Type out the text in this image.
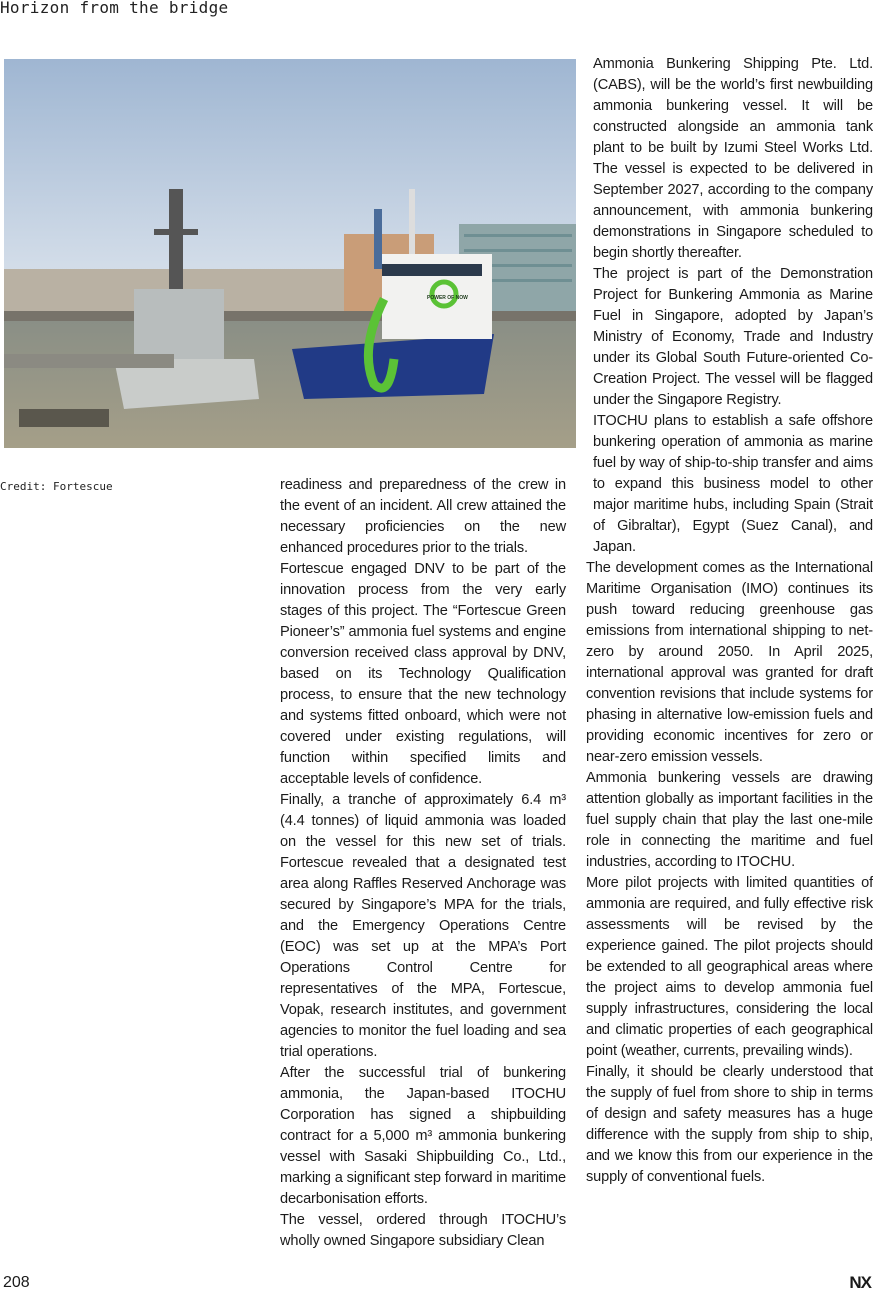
Horizon from the bridge
POWER OF NOW
Credit: Fortescue	readiness and preparedness of the crew in the event of an incident. All crew attained the necessary proficiencies on the new enhanced procedures prior to the trials.

Fortescue engaged DNV to be part of the innovation process from the very early stages of this project. The “Fortescue Green Pioneer’s” ammonia fuel systems and engine conversion received class approval by DNV, based on its Technology Qualification process, to ensure that the new technology and systems fitted onboard, which were not covered under existing regulations, will function within specified limits and acceptable levels of confidence.

Finally, a tranche of approximately 6.4 m³ (4.4 tonnes) of liquid ammonia was loaded on the vessel for this new set of trials. Fortescue revealed that a designated test area along Raffles Reserved Anchorage was secured by Singapore’s MPA for the trials, and the Emergency Operations Centre (EOC) was set up at the MPA’s Port Operations Control Centre for representatives of the MPA, Fortescue, Vopak, research institutes, and government agencies to monitor the fuel loading and sea trial operations.

After the successful trial of bunkering ammonia, the Japan-based ITOCHU Corporation has signed a shipbuilding contract for a 5,000 m³ ammonia bunkering vessel with Sasaki Shipbuilding Co., Ltd., marking a significant step forward in maritime decarbonisation efforts.

The vessel, ordered through ITOCHU’s wholly owned Singapore subsidiary Clean

Ammonia Bunkering Shipping Pte. Ltd. (CABS), will be the world’s first newbuilding ammonia bunkering vessel. It will be constructed alongside an ammonia tank plant to be built by Izumi Steel Works Ltd. The vessel is expected to be delivered in September 2027, according to the company announcement, with ammonia bunkering demonstrations in Singapore scheduled to begin shortly thereafter.

The project is part of the Demonstration Project for Bunkering Ammonia as Marine Fuel in Singapore, adopted by Japan’s Ministry of Economy, Trade and Industry under its Global South Future-oriented Co-Creation Project. The vessel will be flagged under the Singapore Registry.

ITOCHU plans to establish a safe offshore bunkering operation of ammonia as marine fuel by way of ship-to-ship transfer and aims to expand this business model to other major maritime hubs, including Spain (Strait of Gibraltar), Egypt (Suez Canal), and Japan.

The development comes as the International Maritime Organisation (IMO) continues its push toward reducing greenhouse gas emissions from international shipping to net-zero by around 2050. In April 2025, international approval was granted for draft convention revisions that include systems for phasing in alternative low-emission fuels and providing economic incentives for zero or near-zero emission vessels.

Ammonia bunkering vessels are drawing attention globally as important facilities in the fuel supply chain that play the last one-mile role in connecting the maritime and fuel industries, according to ITOCHU.

More pilot projects with limited quantities of ammonia are required, and fully effective risk assessments will be revised by the experience gained. The pilot projects should be extended to all geographical areas where the project aims to develop ammonia fuel supply infrastructures, considering the local and climatic properties of each geographical point (weather, currents, prevailing winds).

Finally, it should be clearly understood that the supply of fuel from shore to ship in terms of design and safety measures has a huge difference with the supply from ship to ship, and we know this from our experience in the supply of conventional fuels.

208	NX
